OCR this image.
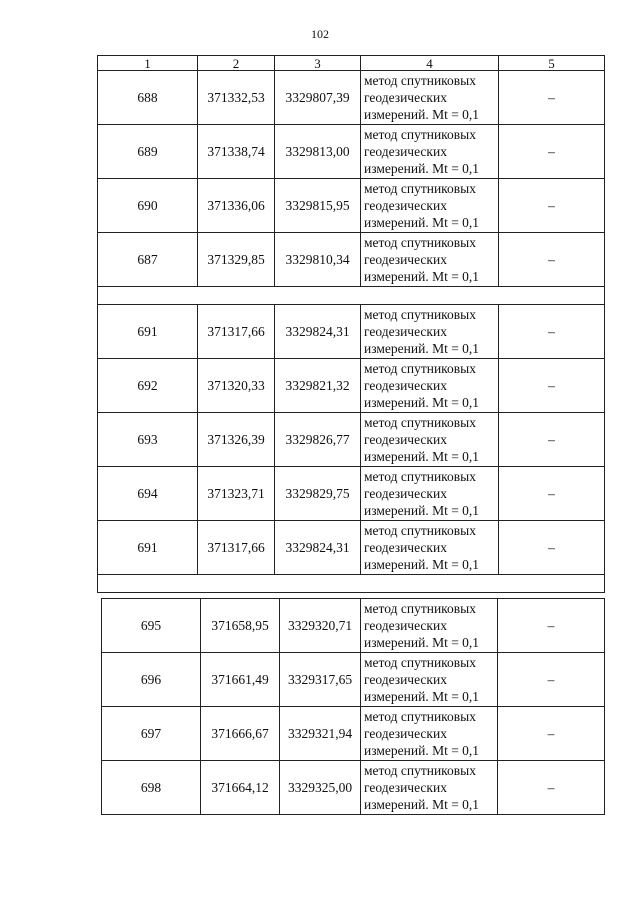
102
1	2	3	4	5
688	371332,53	3329807,39	метод спутниковых
геодезических
измерений. Mt = 0,1	–
689	371338,74	3329813,00	метод спутниковых
геодезических
измерений. Mt = 0,1	–
690	371336,06	3329815,95	метод спутниковых
геодезических
измерений. Mt = 0,1	–
687	371329,85	3329810,34	метод спутниковых
геодезических
измерений. Mt = 0,1	–

691	371317,66	3329824,31	метод спутниковых
геодезических
измерений. Mt = 0,1	–
692	371320,33	3329821,32	метод спутниковых
геодезических
измерений. Mt = 0,1	–
693	371326,39	3329826,77	метод спутниковых
геодезических
измерений. Mt = 0,1	–
694	371323,71	3329829,75	метод спутниковых
геодезических
измерений. Mt = 0,1	–
691	371317,66	3329824,31	метод спутниковых
геодезических
измерений. Mt = 0,1	–

695	371658,95	3329320,71	метод спутниковых
геодезических
измерений. Mt = 0,1	–
696	371661,49	3329317,65	метод спутниковых
геодезических
измерений. Mt = 0,1	–
697	371666,67	3329321,94	метод спутниковых
геодезических
измерений. Mt = 0,1	–
698	371664,12	3329325,00	метод спутниковых
геодезических
измерений. Mt = 0,1	–
